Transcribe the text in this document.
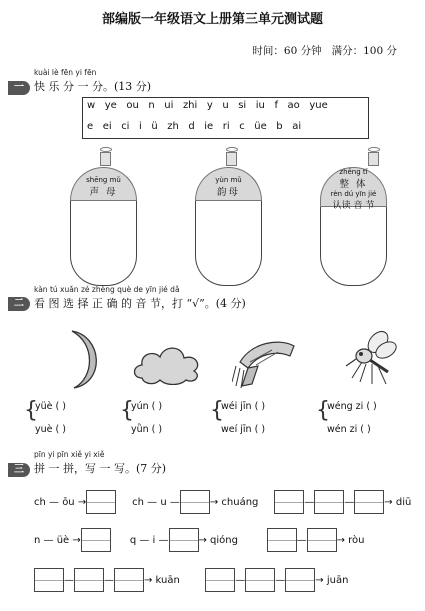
部编版一年级语文上册第三单元测试题
时间：60 分钟 满分：100 分
一
kuài lè fēn yi fēn
快 乐 分 一 分。(13 分)
w ye ou n ui zhi y u si iu f ao yue
e ei ci i ü zh d ie ri c üe b ai
shēng mǔ
声 母
yùn mǔ
韵母
zhěng tǐ
整 体
rèn dú yīn jié
认读 音 节
二
kàn tú xuǎn zé zhèng què de yīn jié dǎ
看 图 选 择 正 确 的 音 节，打 “√”。(4 分)
{
yüè ( )
yuè ( )
{
yún ( )
yǜn ( )
{
wéi jīn ( )
weí jīn ( )
{
wéng zi ( )
wén zi ( )
三
pīn yi pīn xiě yi xiě
拼 一 拼，写 一 写。(7 分)
ch — ōu →	ch — u —	→ chuáng	—	—	→ diū
n — üè →	q — i —	→ qióng	—	→ ròu
—	—	→ kuān	—	—	→ juān
